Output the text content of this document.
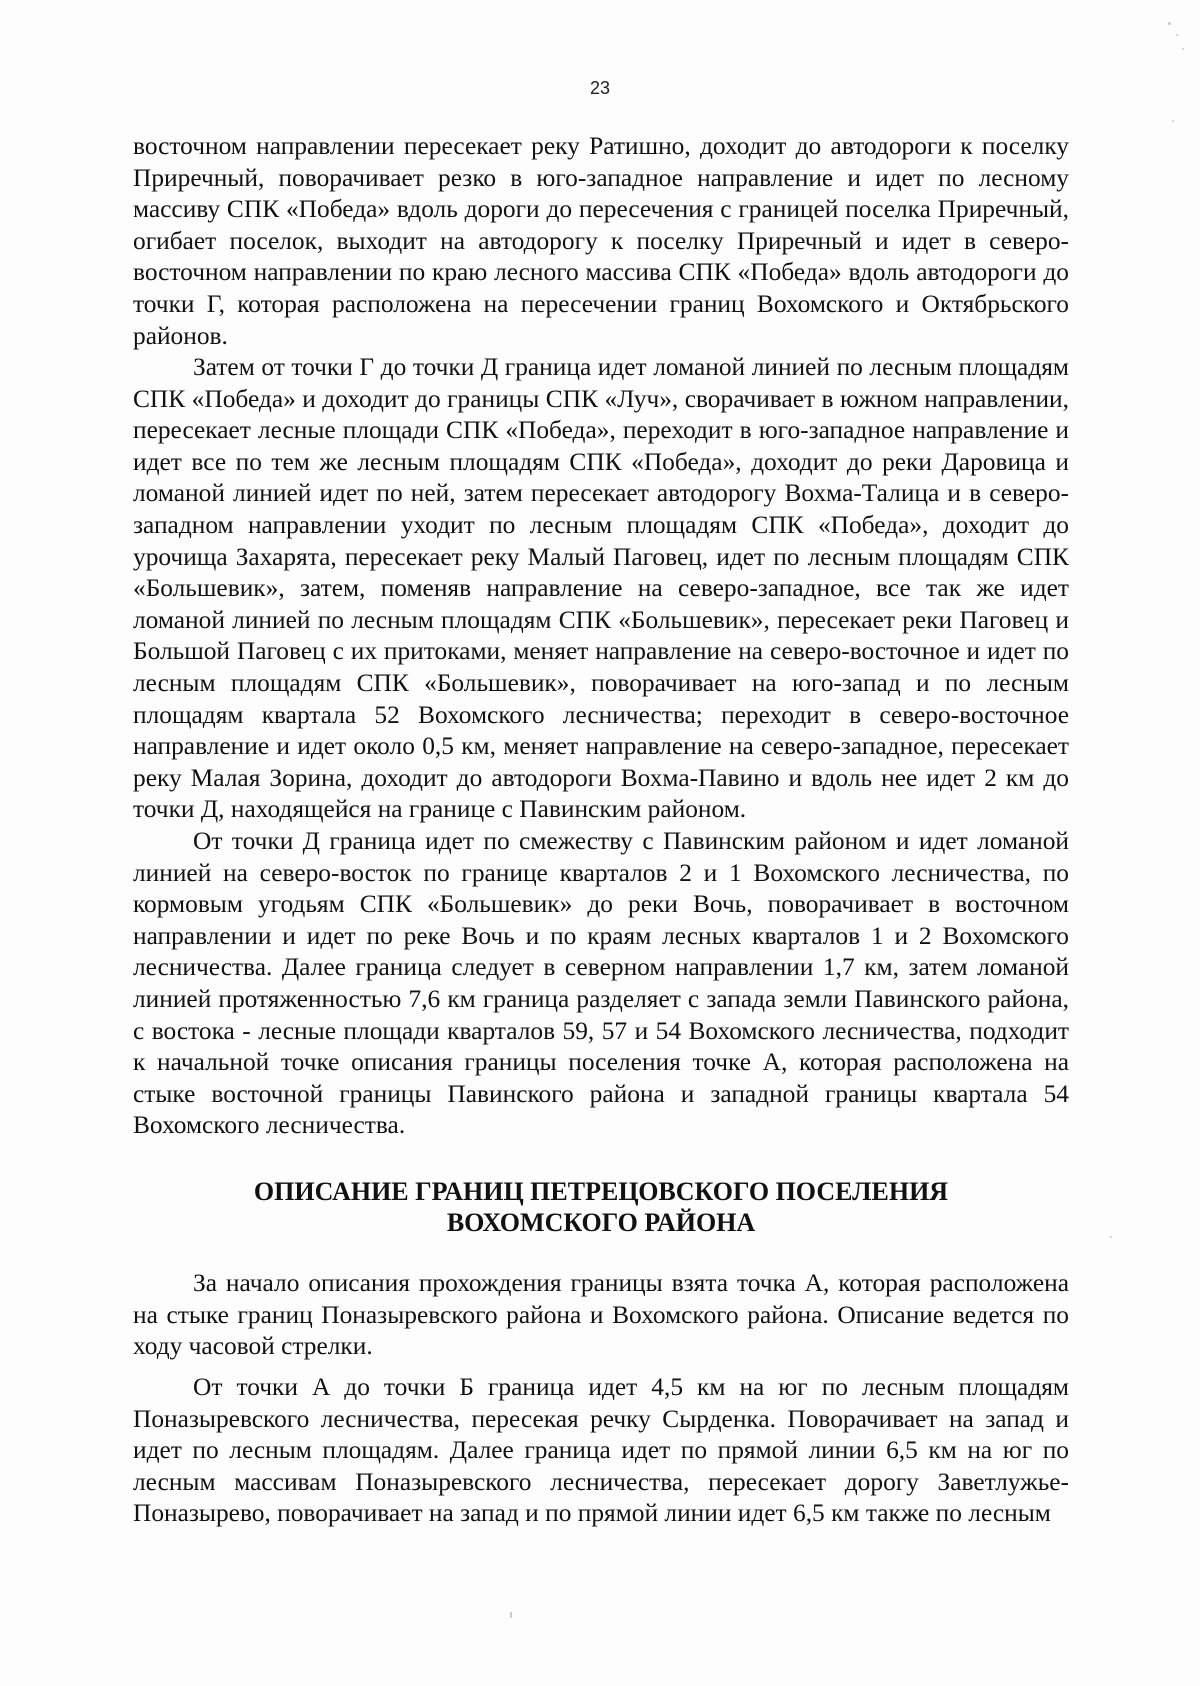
23

восточном направлении пересекает реку Ратишно, доходит до автодороги к поселку Приречный, поворачивает резко в юго-западное направление и идет по лесному массиву СПК «Победа» вдоль дороги до пересечения с границей поселка Приречный, огибает поселок, выходит на автодорогу к поселку Приречный и идет в северо-восточном направлении по краю лесного массива СПК «Победа» вдоль автодороги до точки Г, которая расположена на пересечении границ Вохомского и Октябрьского районов.

Затем от точки Г до точки Д граница идет ломаной линией по лесным площадям СПК «Победа» и доходит до границы СПК «Луч», сворачивает в южном направлении, пересекает лесные площади СПК «Победа», переходит в юго-западное направление и идет все по тем же лесным площадям СПК «Победа», доходит до реки Даровица и ломаной линией идет по ней, затем пересекает автодорогу Вохма-Талица и в северо-западном направлении уходит по лесным площадям СПК «Победа», доходит до урочища Захарята, пересекает реку Малый Паговец, идет по лесным площадям СПК «Большевик», затем, поменяв направление на северо-западное, все так же идет ломаной линией по лесным площадям СПК «Большевик», пересекает реки Паговец и Большой Паговец с их притоками, меняет направление на северо-восточное и идет по лесным площадям СПК «Большевик», поворачивает на юго-запад и по лесным площадям квартала 52 Вохомского лесничества; переходит в северо-восточное направление и идет около 0,5 км, меняет направление на северо-западное, пересекает реку Малая Зорина, доходит до автодороги Вохма-Павино и вдоль нее идет 2 км до точки Д, находящейся на границе с Павинским районом.

От точки Д граница идет по смежеству с Павинским районом и идет ломаной линией на северо-восток по границе кварталов 2 и 1 Вохомского лесничества, по кормовым угодьям СПК «Большевик» до реки Вочь, поворачивает в восточном направлении и идет по реке Вочь и по краям лесных кварталов 1 и 2 Вохомского лесничества. Далее граница следует в северном направлении 1,7 км, затем ломаной линией протяженностью 7,6 км граница разделяет с запада земли Павинского района, с востока - лесные площади кварталов 59, 57 и 54 Вохомского лесничества, подходит к начальной точке описания границы поселения точке А, которая расположена на стыке восточной границы Павинского района и западной границы квартала 54 Вохомского лесничества.

ОПИСАНИЕ ГРАНИЦ ПЕТРЕЦОВСКОГО ПОСЕЛЕНИЯ
ВОХОМСКОГО РАЙОНА

За начало описания прохождения границы взята точка А, которая расположена на стыке границ Поназыревского района и Вохомского района. Описание ведется по ходу часовой стрелки.

От точки А до точки Б граница идет 4,5 км на юг по лесным площадям Поназыревского лесничества, пересекая речку Сырденка. Поворачивает на запад и идет по лесным площадям. Далее граница идет по прямой линии 6,5 км на юг по лесным массивам Поназыревского лесничества, пересекает дорогу Заветлужье-Поназырево, поворачивает на запад и по прямой линии идет 6,5 км также по лесным
